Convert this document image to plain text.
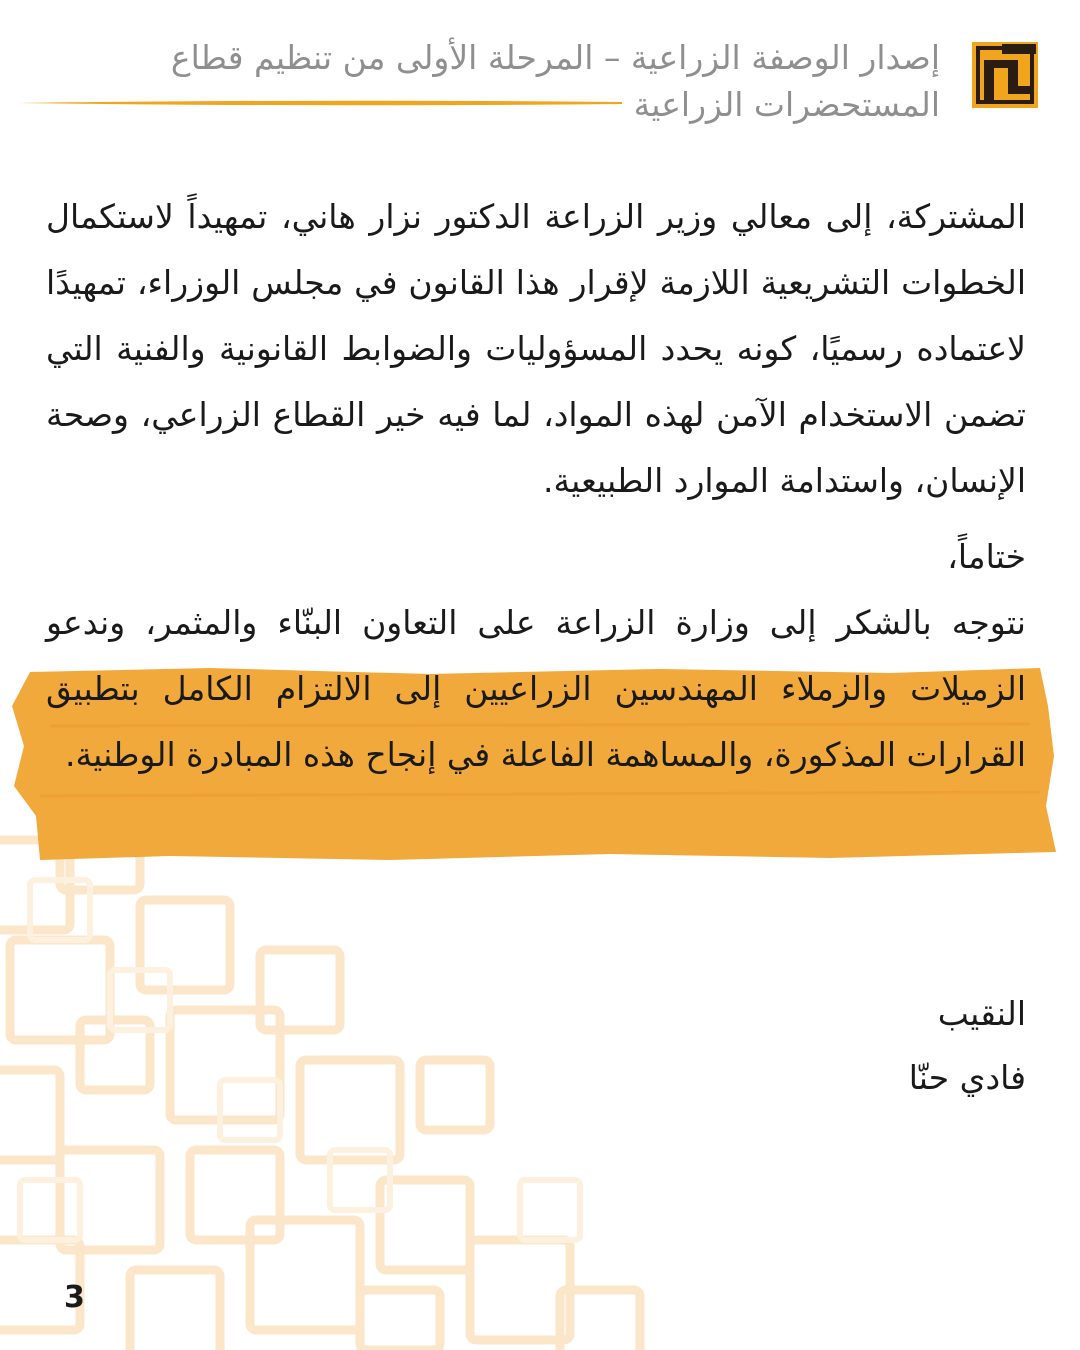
إصدار الوصفة الزراعية – المرحلة الأولى من تنظيم قطاع المستحضرات الزراعية

المشتركة، إلى معالي وزير الزراعة الدكتور نزار هاني، تمهيداً لاستكمال الخطوات التشريعية اللازمة لإقرار هذا القانون في مجلس الوزراء، تمهيدًا لاعتماده رسميًا، كونه يحدد المسؤوليات والضوابط القانونية والفنية التي تضمن الاستخدام الآمن لهذه المواد، لما فيه خير القطاع الزراعي، وصحة الإنسان، واستدامة الموارد الطبيعية.

ختاماً،

نتوجه بالشكر إلى وزارة الزراعة على التعاون البنّاء والمثمر، وندعو الزميلات والزملاء المهندسين الزراعيين إلى الالتزام الكامل بتطبيق القرارات المذكورة، والمساهمة الفاعلة في إنجاح هذه المبادرة الوطنية.

النقيب
فادي حنّا
3
